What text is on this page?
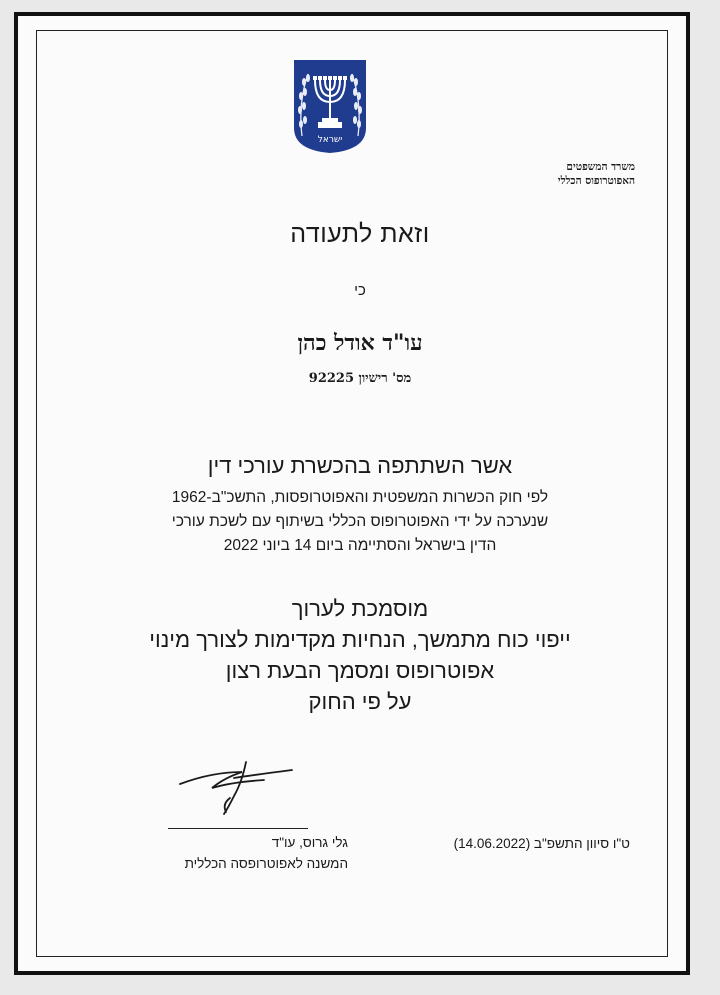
ישראל
משרד המשפטים
האפוטרופוס הכללי
וזאת לתעודה
כי
עו"ד אודל כהן
מס' רישיון 92225
אשר השתתפה בהכשרת עורכי דין
לפי חוק הכשרות המשפטית והאפוטרופסות, התשכ"ב-1962
שנערכה על ידי האפוטרופוס הכללי בשיתוף עם לשכת עורכי
הדין בישראל והסתיימה ביום 14 ביוני 2022
מוסמכת לערוך
ייפוי כוח מתמשך, הנחיות מקדימות לצורך מינוי
אפוטרופוס ומסמך הבעת רצון
על פי החוק
גלי גרוס, עו"ד
המשנה לאפוטרופסה הכללית
ט"ו סיוון התשפ"ב (14.06.2022)
